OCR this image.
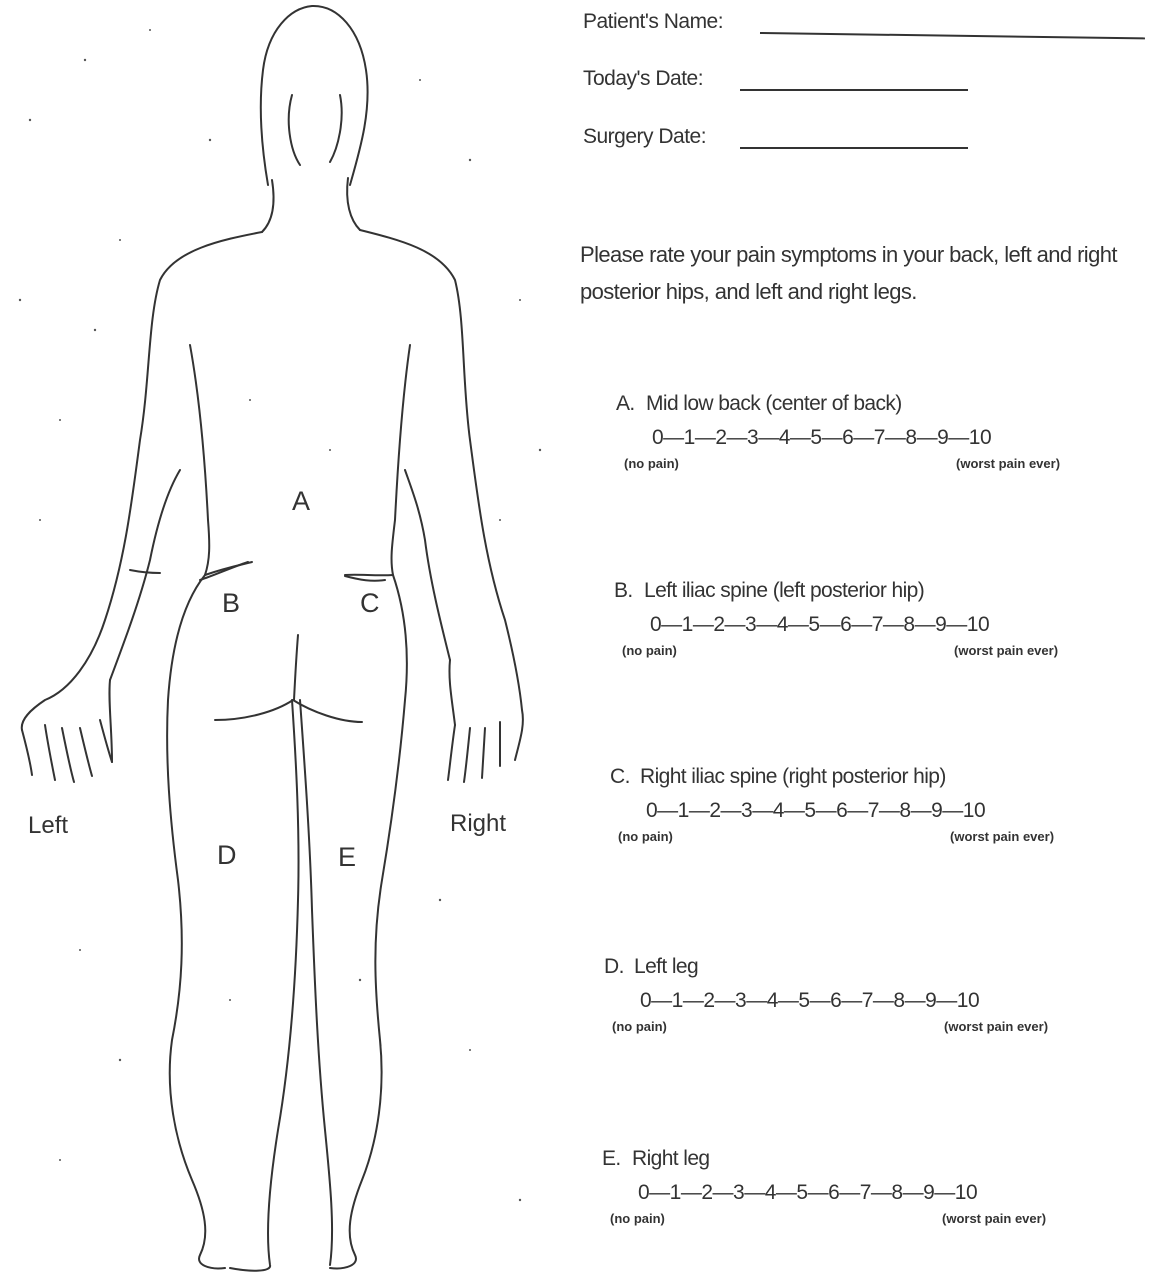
A
B	C
D	E
Left	Right
Patient's Name:
Today's Date:
Surgery Date:
Please rate your pain symptoms in your back, left and right posterior hips, and left and right legs.
A. Mid low back (center of back)
0—1—2—3—4—5—6—7—8—9—10
(no pain)	(worst pain ever)
B. Left iliac spine (left posterior hip)
0—1—2—3—4—5—6—7—8—9—10
(no pain)	(worst pain ever)
C. Right iliac spine (right posterior hip)
0—1—2—3—4—5—6—7—8—9—10
(no pain)	(worst pain ever)
D. Left leg
0—1—2—3—4—5—6—7—8—9—10
(no pain)	(worst pain ever)
E. Right leg
0—1—2—3—4—5—6—7—8—9—10
(no pain)	(worst pain ever)
